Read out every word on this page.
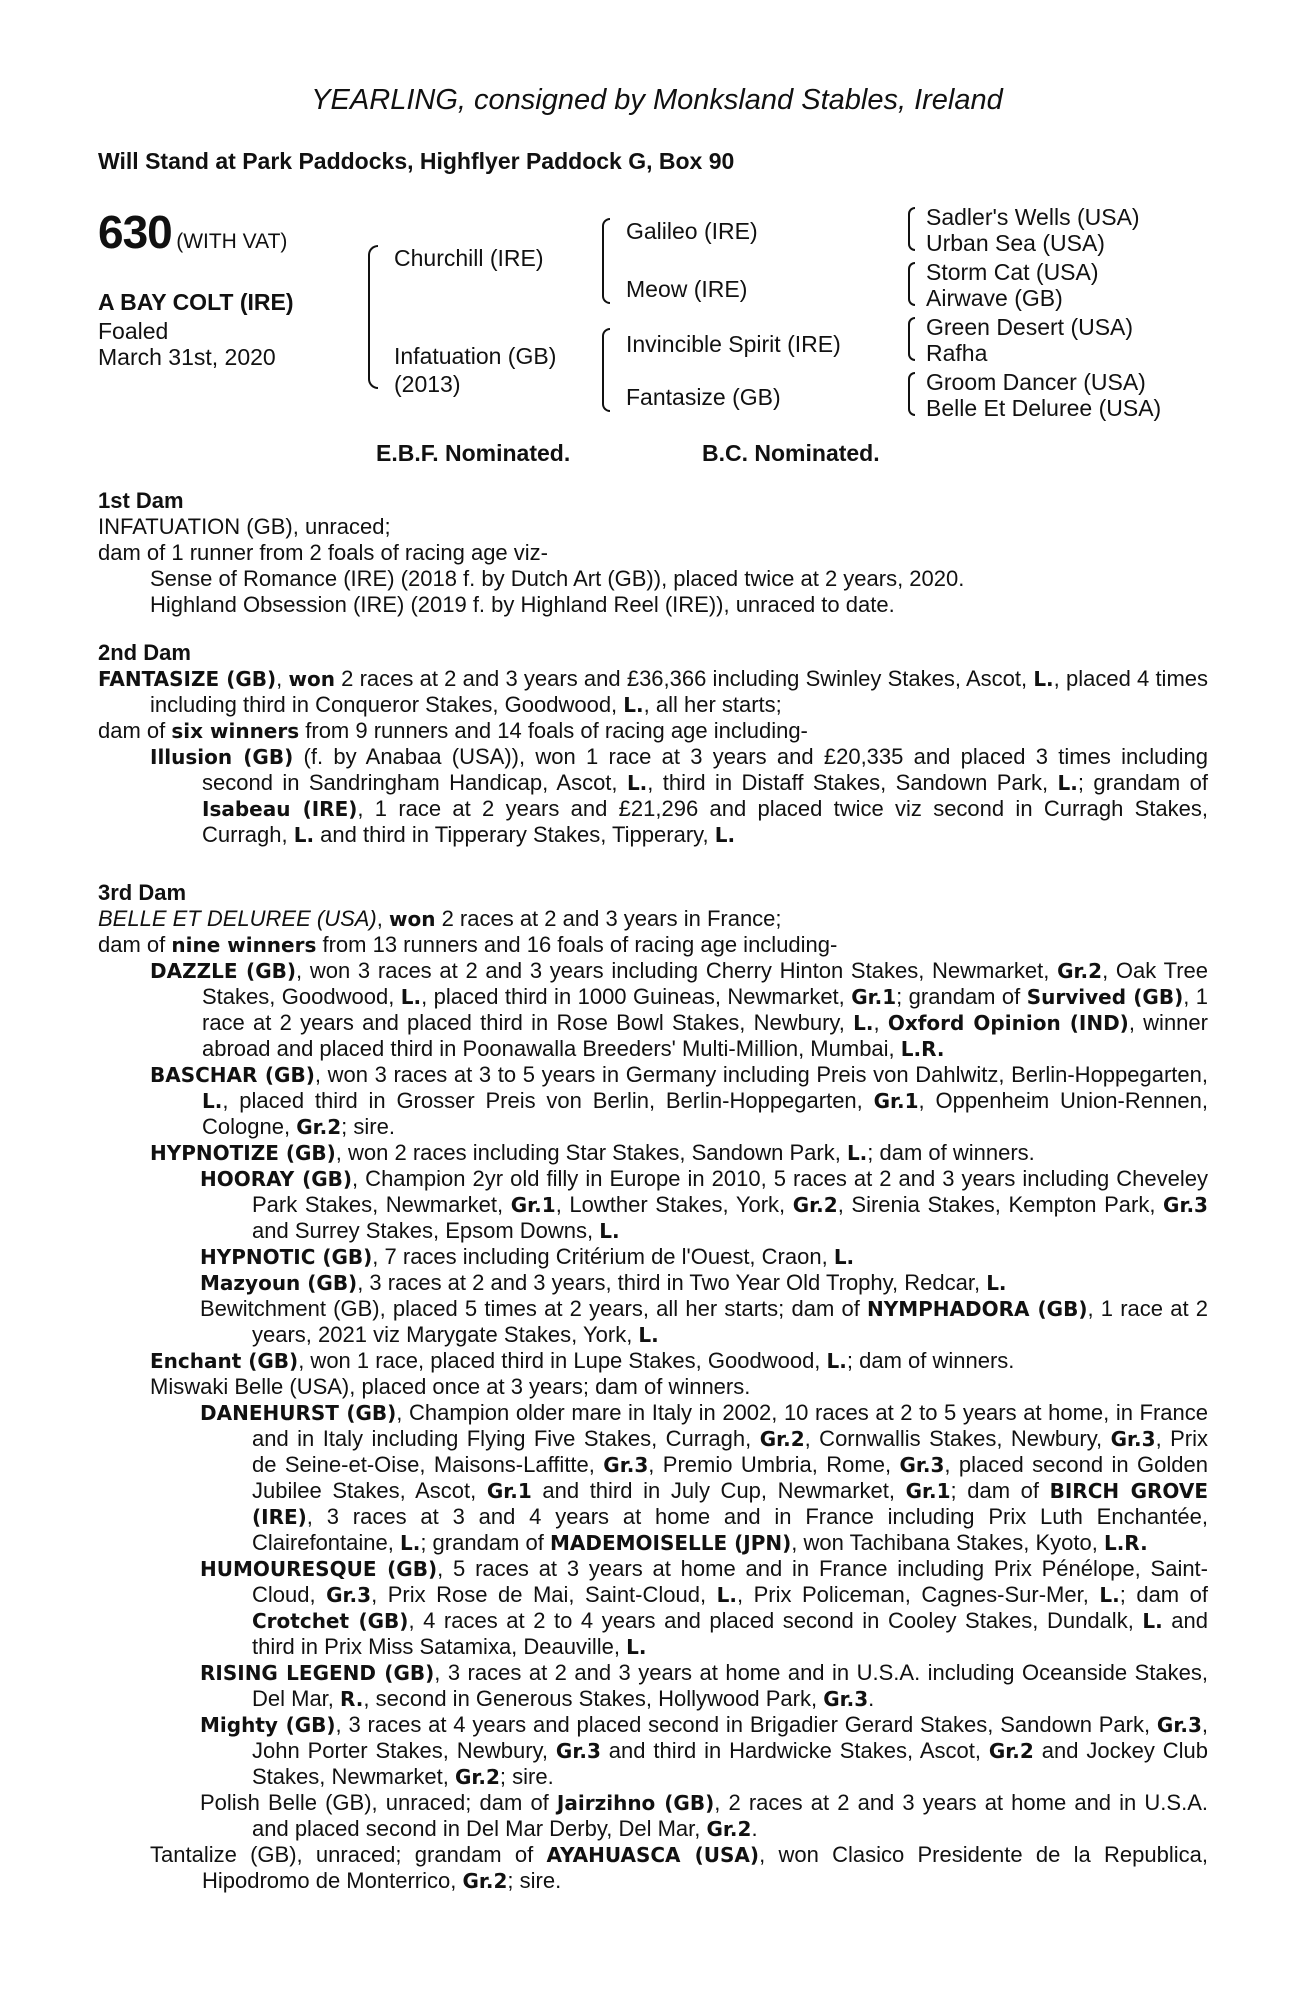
YEARLING, consigned by Monksland Stables, Ireland
Will Stand at Park Paddocks, Highflyer Paddock G, Box 90
630 (WITH VAT)
A BAY COLT (IRE)
Foaled
March 31st, 2020
Churchill (IRE)
Infatuation (GB)
(2013)
Galileo (IRE)
Meow (IRE)
Invincible Spirit (IRE)
Fantasize (GB)
Sadler's Wells (USA)
Urban Sea (USA)
Storm Cat (USA)
Airwave (GB)
Green Desert (USA)
Rafha
Groom Dancer (USA)
Belle Et Deluree (USA)
E.B.F. Nominated.	B.C. Nominated.

1st Dam

INFATUATION (GB), unraced;

dam of 1 runner from 2 foals of racing age viz-

Sense of Romance (IRE) (2018 f. by Dutch Art (GB)), placed twice at 2 years, 2020.

Highland Obsession (IRE) (2019 f. by Highland Reel (IRE)), unraced to date.

2nd Dam

FANTASIZE (GB), won 2 races at 2 and 3 years and £36,366 including Swinley Stakes, Ascot, L., placed 4 times including third in Conqueror Stakes, Goodwood, L., all her starts;

dam of six winners from 9 runners and 14 foals of racing age including-

Illusion (GB) (f. by Anabaa (USA)), won 1 race at 3 years and £20,335 and placed 3 times including second in Sandringham Handicap, Ascot, L., third in Distaff Stakes, Sandown Park, L.; grandam of Isabeau (IRE), 1 race at 2 years and £21,296 and placed twice viz second in Curragh Stakes, Curragh, L. and third in Tipperary Stakes, Tipperary, L.

3rd Dam

BELLE ET DELUREE (USA), won 2 races at 2 and 3 years in France;

dam of nine winners from 13 runners and 16 foals of racing age including-

DAZZLE (GB), won 3 races at 2 and 3 years including Cherry Hinton Stakes, Newmarket, Gr.2, Oak Tree Stakes, Goodwood, L., placed third in 1000 Guineas, Newmarket, Gr.1; grandam of Survived (GB), 1 race at 2 years and placed third in Rose Bowl Stakes, Newbury, L., Oxford Opinion (IND), winner abroad and placed third in Poonawalla Breeders' Multi-Million, Mumbai, L.R.

BASCHAR (GB), won 3 races at 3 to 5 years in Germany including Preis von Dahlwitz, Berlin-Hoppegarten, L., placed third in Grosser Preis von Berlin, Berlin-Hoppegarten, Gr.1, Oppenheim Union-Rennen, Cologne, Gr.2; sire.

HYPNOTIZE (GB), won 2 races including Star Stakes, Sandown Park, L.; dam of winners.

HOORAY (GB), Champion 2yr old filly in Europe in 2010, 5 races at 2 and 3 years including Cheveley Park Stakes, Newmarket, Gr.1, Lowther Stakes, York, Gr.2, Sirenia Stakes, Kempton Park, Gr.3 and Surrey Stakes, Epsom Downs, L.

HYPNOTIC (GB), 7 races including Critérium de l'Ouest, Craon, L.

Mazyoun (GB), 3 races at 2 and 3 years, third in Two Year Old Trophy, Redcar, L.

Bewitchment (GB), placed 5 times at 2 years, all her starts; dam of NYMPHADORA (GB), 1 race at 2 years, 2021 viz Marygate Stakes, York, L.

Enchant (GB), won 1 race, placed third in Lupe Stakes, Goodwood, L.; dam of winners.

Miswaki Belle (USA), placed once at 3 years; dam of winners.

DANEHURST (GB), Champion older mare in Italy in 2002, 10 races at 2 to 5 years at home, in France and in Italy including Flying Five Stakes, Curragh, Gr.2, Cornwallis Stakes, Newbury, Gr.3, Prix de Seine-et-Oise, Maisons-Laffitte, Gr.3, Premio Umbria, Rome, Gr.3, placed second in Golden Jubilee Stakes, Ascot, Gr.1 and third in July Cup, Newmarket, Gr.1; dam of BIRCH GROVE (IRE), 3 races at 3 and 4 years at home and in France including Prix Luth Enchantée, Clairefontaine, L.; grandam of MADEMOISELLE (JPN), won Tachibana Stakes, Kyoto, L.R.

HUMOURESQUE (GB), 5 races at 3 years at home and in France including Prix Pénélope, Saint-Cloud, Gr.3, Prix Rose de Mai, Saint-Cloud, L., Prix Policeman, Cagnes-Sur-Mer, L.; dam of Crotchet (GB), 4 races at 2 to 4 years and placed second in Cooley Stakes, Dundalk, L. and third in Prix Miss Satamixa, Deauville, L.

RISING LEGEND (GB), 3 races at 2 and 3 years at home and in U.S.A. including Oceanside Stakes, Del Mar, R., second in Generous Stakes, Hollywood Park, Gr.3.

Mighty (GB), 3 races at 4 years and placed second in Brigadier Gerard Stakes, Sandown Park, Gr.3, John Porter Stakes, Newbury, Gr.3 and third in Hardwicke Stakes, Ascot, Gr.2 and Jockey Club Stakes, Newmarket, Gr.2; sire.

Polish Belle (GB), unraced; dam of Jairzihno (GB), 2 races at 2 and 3 years at home and in U.S.A. and placed second in Del Mar Derby, Del Mar, Gr.2.

Tantalize (GB), unraced; grandam of AYAHUASCA (USA), won Clasico Presidente de la Republica, Hipodromo de Monterrico, Gr.2; sire.
